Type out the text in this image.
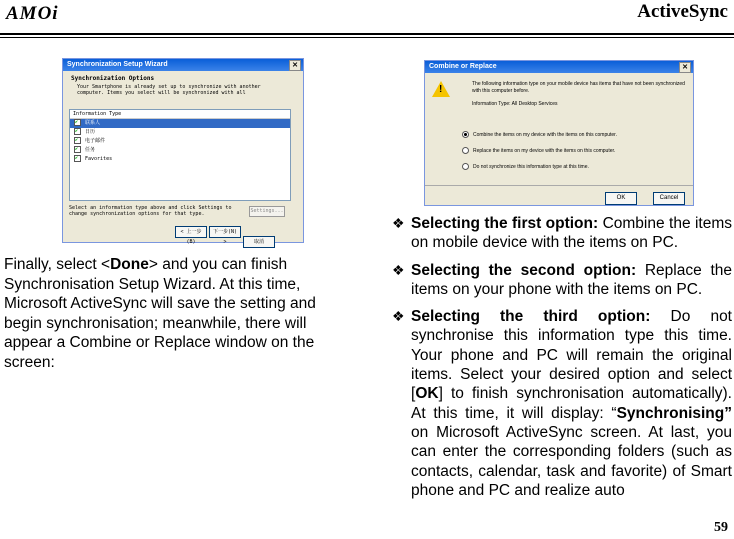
AMOi	ActiveSync
Synchronization Setup Wizard	✕
Synchronization Options
Your Smartphone is already set up to synchronize with another computer. Items you select will be synchronized with all
Information Type
✔ 联系人
✔ 日历
✔ 电子邮件
✔ 任务
✔ Favorites
Select an information type above and click Settings to change synchronization options for that type.	Settings...
< 上一步(B)下一步(N) >	取消
Combine or Replace	✕
!	The following information type on your mobile device has items that have not been synchronized with this computer before.
Information Type: All Desktop Services
Combine the items on my device with the items on this computer.
Replace the items on my device with the items on this computer.
Do not synchronize this information type at this time.
OK	Cancel
Finally, select <Done> and you can finish Synchronisation Setup Wizard. At this time, Microsoft ActiveSync will save the setting and begin synchronisation; meanwhile, there will appear a Combine or Replace window on the screen:
❖ Selecting the first option: Combine the items on mobile device with the items on PC.
❖ Selecting the second option: Replace the items on your phone with the items on PC.
❖ Selecting the third option: Do not synchronise this information type this time. Your phone and PC will remain the original items. Select your desired option and select [OK] to finish synchronisation automatically). At this time, it will display: “Synchronising” on Microsoft ActiveSync screen. At last, you can enter the corresponding folders (such as contacts, calendar, task and favorite) of Smart phone and PC and realize auto
59
